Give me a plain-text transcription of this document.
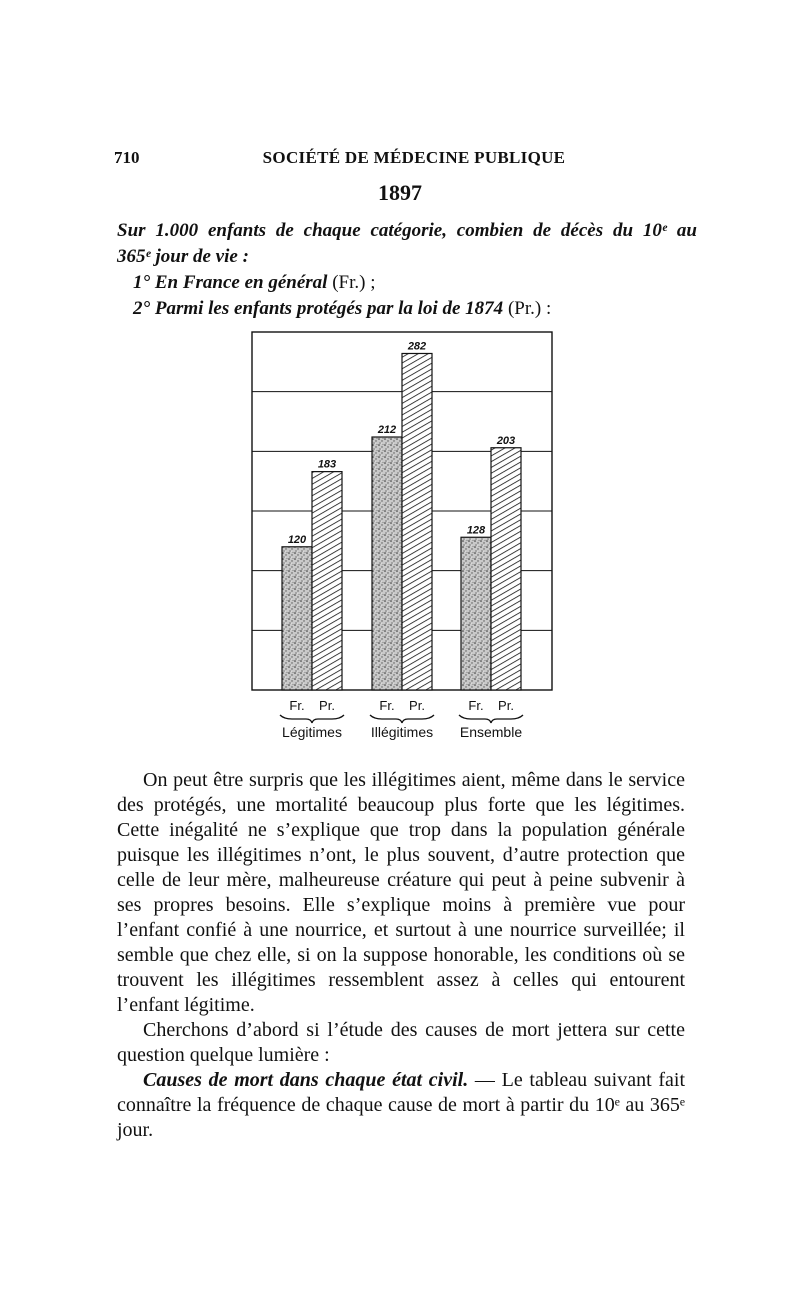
710	SOCIÉTÉ DE MÉDECINE PUBLIQUE
1897

Sur 1.000 enfants de chaque catégorie, combien de décès du 10ᵉ au

365ᵉ jour de vie :

1° En France en général (Fr.) ;

2° Parmi les enfants protégés par la loi de 1874 (Pr.) :

120
Fr.
183
Pr.
Légitimes
212
Fr.
282
Pr.
Illégitimes
128
Fr.
203
Pr.
Ensemble

On peut être surpris que les illégitimes aient, même dans le service des protégés, une mortalité beaucoup plus forte que les légitimes. Cette inégalité ne s’explique que trop dans la population générale puisque les illégitimes n’ont, le plus souvent, d’autre protection que celle de leur mère, malheureuse créature qui peut à peine subvenir à ses propres besoins. Elle s’explique moins à première vue pour l’enfant confié à une nourrice, et surtout à une nourrice surveillée; il semble que chez elle, si on la suppose honorable, les conditions où se trouvent les illégitimes ressemblent assez à celles qui entourent l’enfant légitime.

Cherchons d’abord si l’étude des causes de mort jettera sur cette question quelque lumière :

Causes de mort dans chaque état civil. — Le tableau suivant fait connaître la fréquence de chaque cause de mort à partir du 10ᵉ au 365ᵉ jour.
